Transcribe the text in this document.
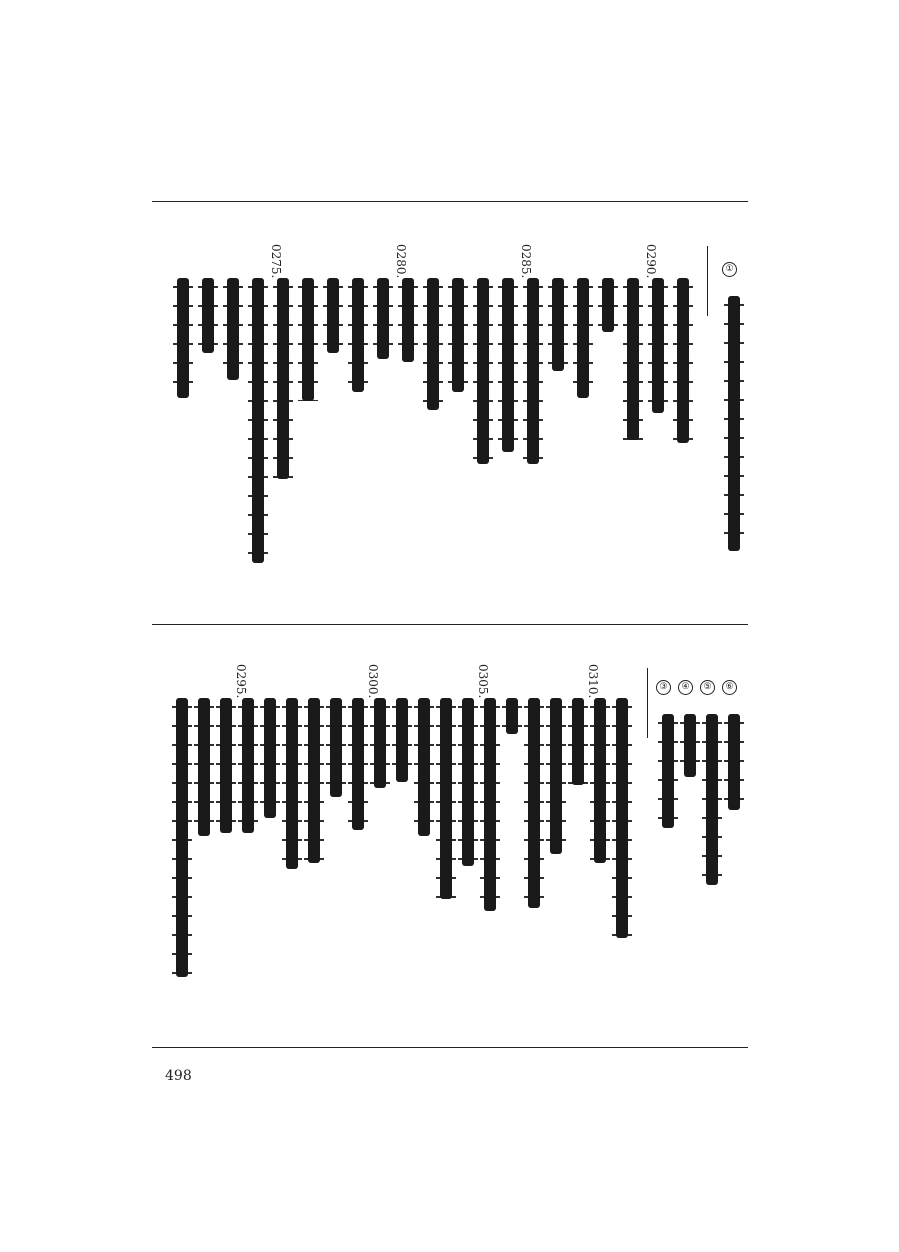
①
0290.
0285.
0280.
0275.
⑥
⑤
④
③
0310.
0305.
0300.
0295.
498
